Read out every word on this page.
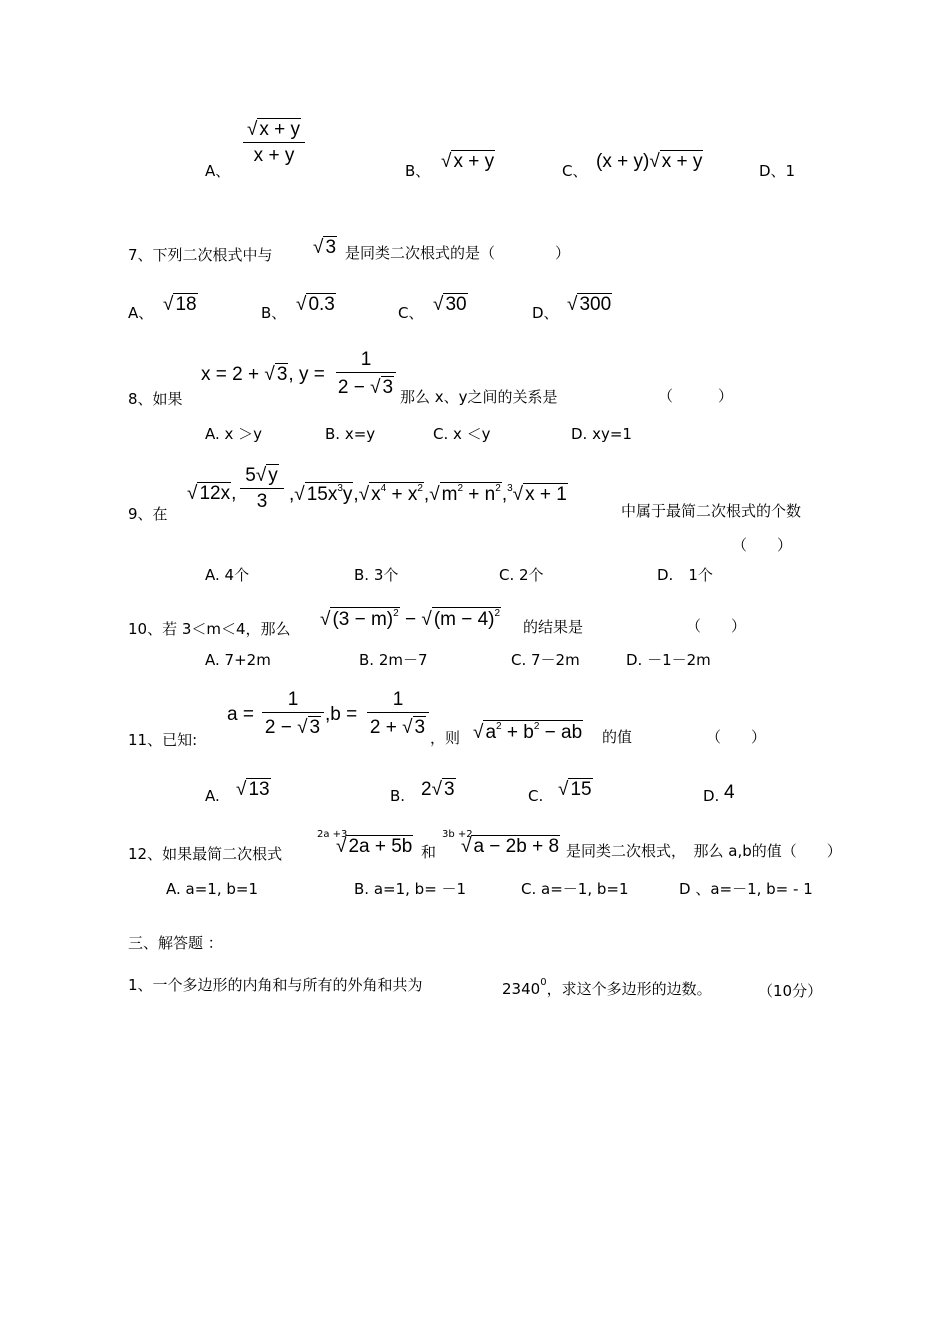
A、
√ x + y
x + y
B、 √ x + y	C、 (x + y)√ x + y	D、1
7、下列二次根式中与 √ 3 是同类二次根式的是（　　　　）
A、 √ 18	B、 √ 0.3	C、 √ 30	D、 √ 300
8、如果
x = 2 + √ 3, y =
1
2 − √ 3 那么 x、y之间的关系是	（　　　）
A. x ＞y	B. x=y	C. x ＜y	D. xy=1
9、在
√ 12x,
5√ y
3	,√ $15x^3y,√$ $x^4 + x^2,√$ $m^2 + n^2,^3√$ x + 1
中属于最简二次根式的个数
（　　）
A. 4个	B. 3个	C. 2个	D.　1个
10、若 3＜m＜4，那么 √ $(3 - m)^2$ − √ $(m - 4)^2$
的结果是	（　　）
A. 7+2m	B. 2m－7	C. 7－2m	D. －1－2m
11、已知:
a =
1
2 − √ 3
,b =
1
2 + √ 3 ，则 √ $a^2 + b^2$ − ab 的值	（　　）
A. √ 13	B. 2√ 3	C. √ 15	D. 4
12、如果最简二次根式
2a +3
√ 2a + 5b 和
3b +2
√ a − 2b + 8 是同类二次根式，　那么 a,b的值（　　）
A. a=1, b=1	B. a=1, b= －1	C. a=－1, b=1	D 、a=－1, b= - 1
三、解答题 ：
1、一个多边形的内角和与所有的外角和共为	2340$^0$，求这个多边形的边数。	（10分）
